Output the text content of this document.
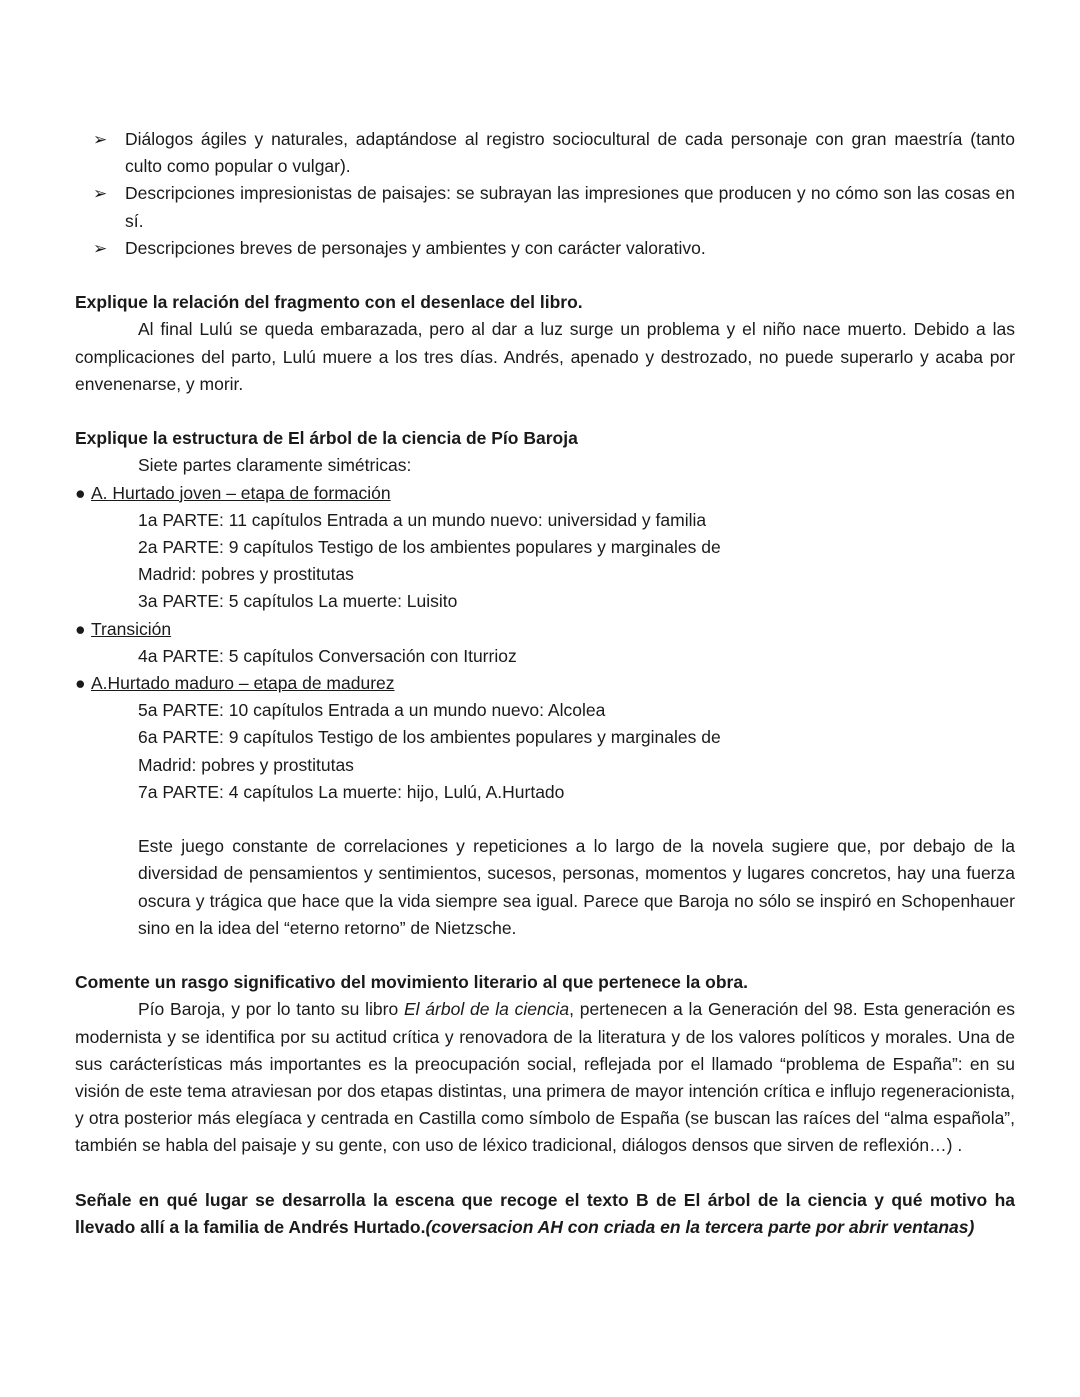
➢ Diálogos ágiles y naturales, adaptándose al registro sociocultural de cada personaje con gran maestría (tanto culto como popular o vulgar).
➢ Descripciones impresionistas de paisajes: se subrayan las impresiones que producen y no cómo son las cosas en sí.
➢ Descripciones breves de personajes y ambientes y con carácter valorativo.
Explique la relación del fragmento con el desenlace del libro.
Al final Lulú se queda embarazada, pero al dar a luz surge un problema y el niño nace muerto. Debido a las complicaciones del parto, Lulú muere a los tres días. Andrés, apenado y destrozado, no puede superarlo y acaba por envenenarse, y morir.
Explique la estructura de El árbol de la ciencia de Pío Baroja
Siete partes claramente simétricas:
● A. Hurtado joven – etapa de formación
1a PARTE: 11 capítulos Entrada a un mundo nuevo: universidad y familia
2a PARTE: 9 capítulos Testigo de los ambientes populares y marginales de
Madrid: pobres y prostitutas
3a PARTE: 5 capítulos La muerte: Luisito
● Transición
4a PARTE: 5 capítulos Conversación con Iturrioz
● A.Hurtado maduro – etapa de madurez
5a PARTE: 10 capítulos Entrada a un mundo nuevo: Alcolea
6a PARTE: 9 capítulos Testigo de los ambientes populares y marginales de
Madrid: pobres y prostitutas
7a PARTE: 4 capítulos La muerte: hijo, Lulú, A.Hurtado
Este juego constante de correlaciones y repeticiones a lo largo de la novela sugiere que, por debajo de la diversidad de pensamientos y sentimientos, sucesos, personas, momentos y lugares concretos, hay una fuerza oscura y trágica que hace que la vida siempre sea igual. Parece que Baroja no sólo se inspiró en Schopenhauer sino en la idea del “eterno retorno” de Nietzsche.
Comente un rasgo significativo del movimiento literario al que pertenece la obra.
Pío Baroja, y por lo tanto su libro El árbol de la ciencia, pertenecen a la Generación del 98. Esta generación es modernista y se identifica por su actitud crítica y renovadora de la literatura y de los valores políticos y morales. Una de sus carácterísticas más importantes es la preocupación social, reflejada por el llamado “problema de España”: en su visión de este tema atraviesan por dos etapas distintas, una primera de mayor intención crítica e influjo regeneracionista, y otra posterior más elegíaca y centrada en Castilla como símbolo de España (se buscan las raíces del “alma española”, también se habla del paisaje y su gente, con uso de léxico tradicional, diálogos densos que sirven de reflexión…) .
Señale en qué lugar se desarrolla la escena que recoge el texto B de El árbol de la ciencia y qué motivo ha llevado allí a la familia de Andrés Hurtado.(coversacion AH con criada en la tercera parte por abrir ventanas)
